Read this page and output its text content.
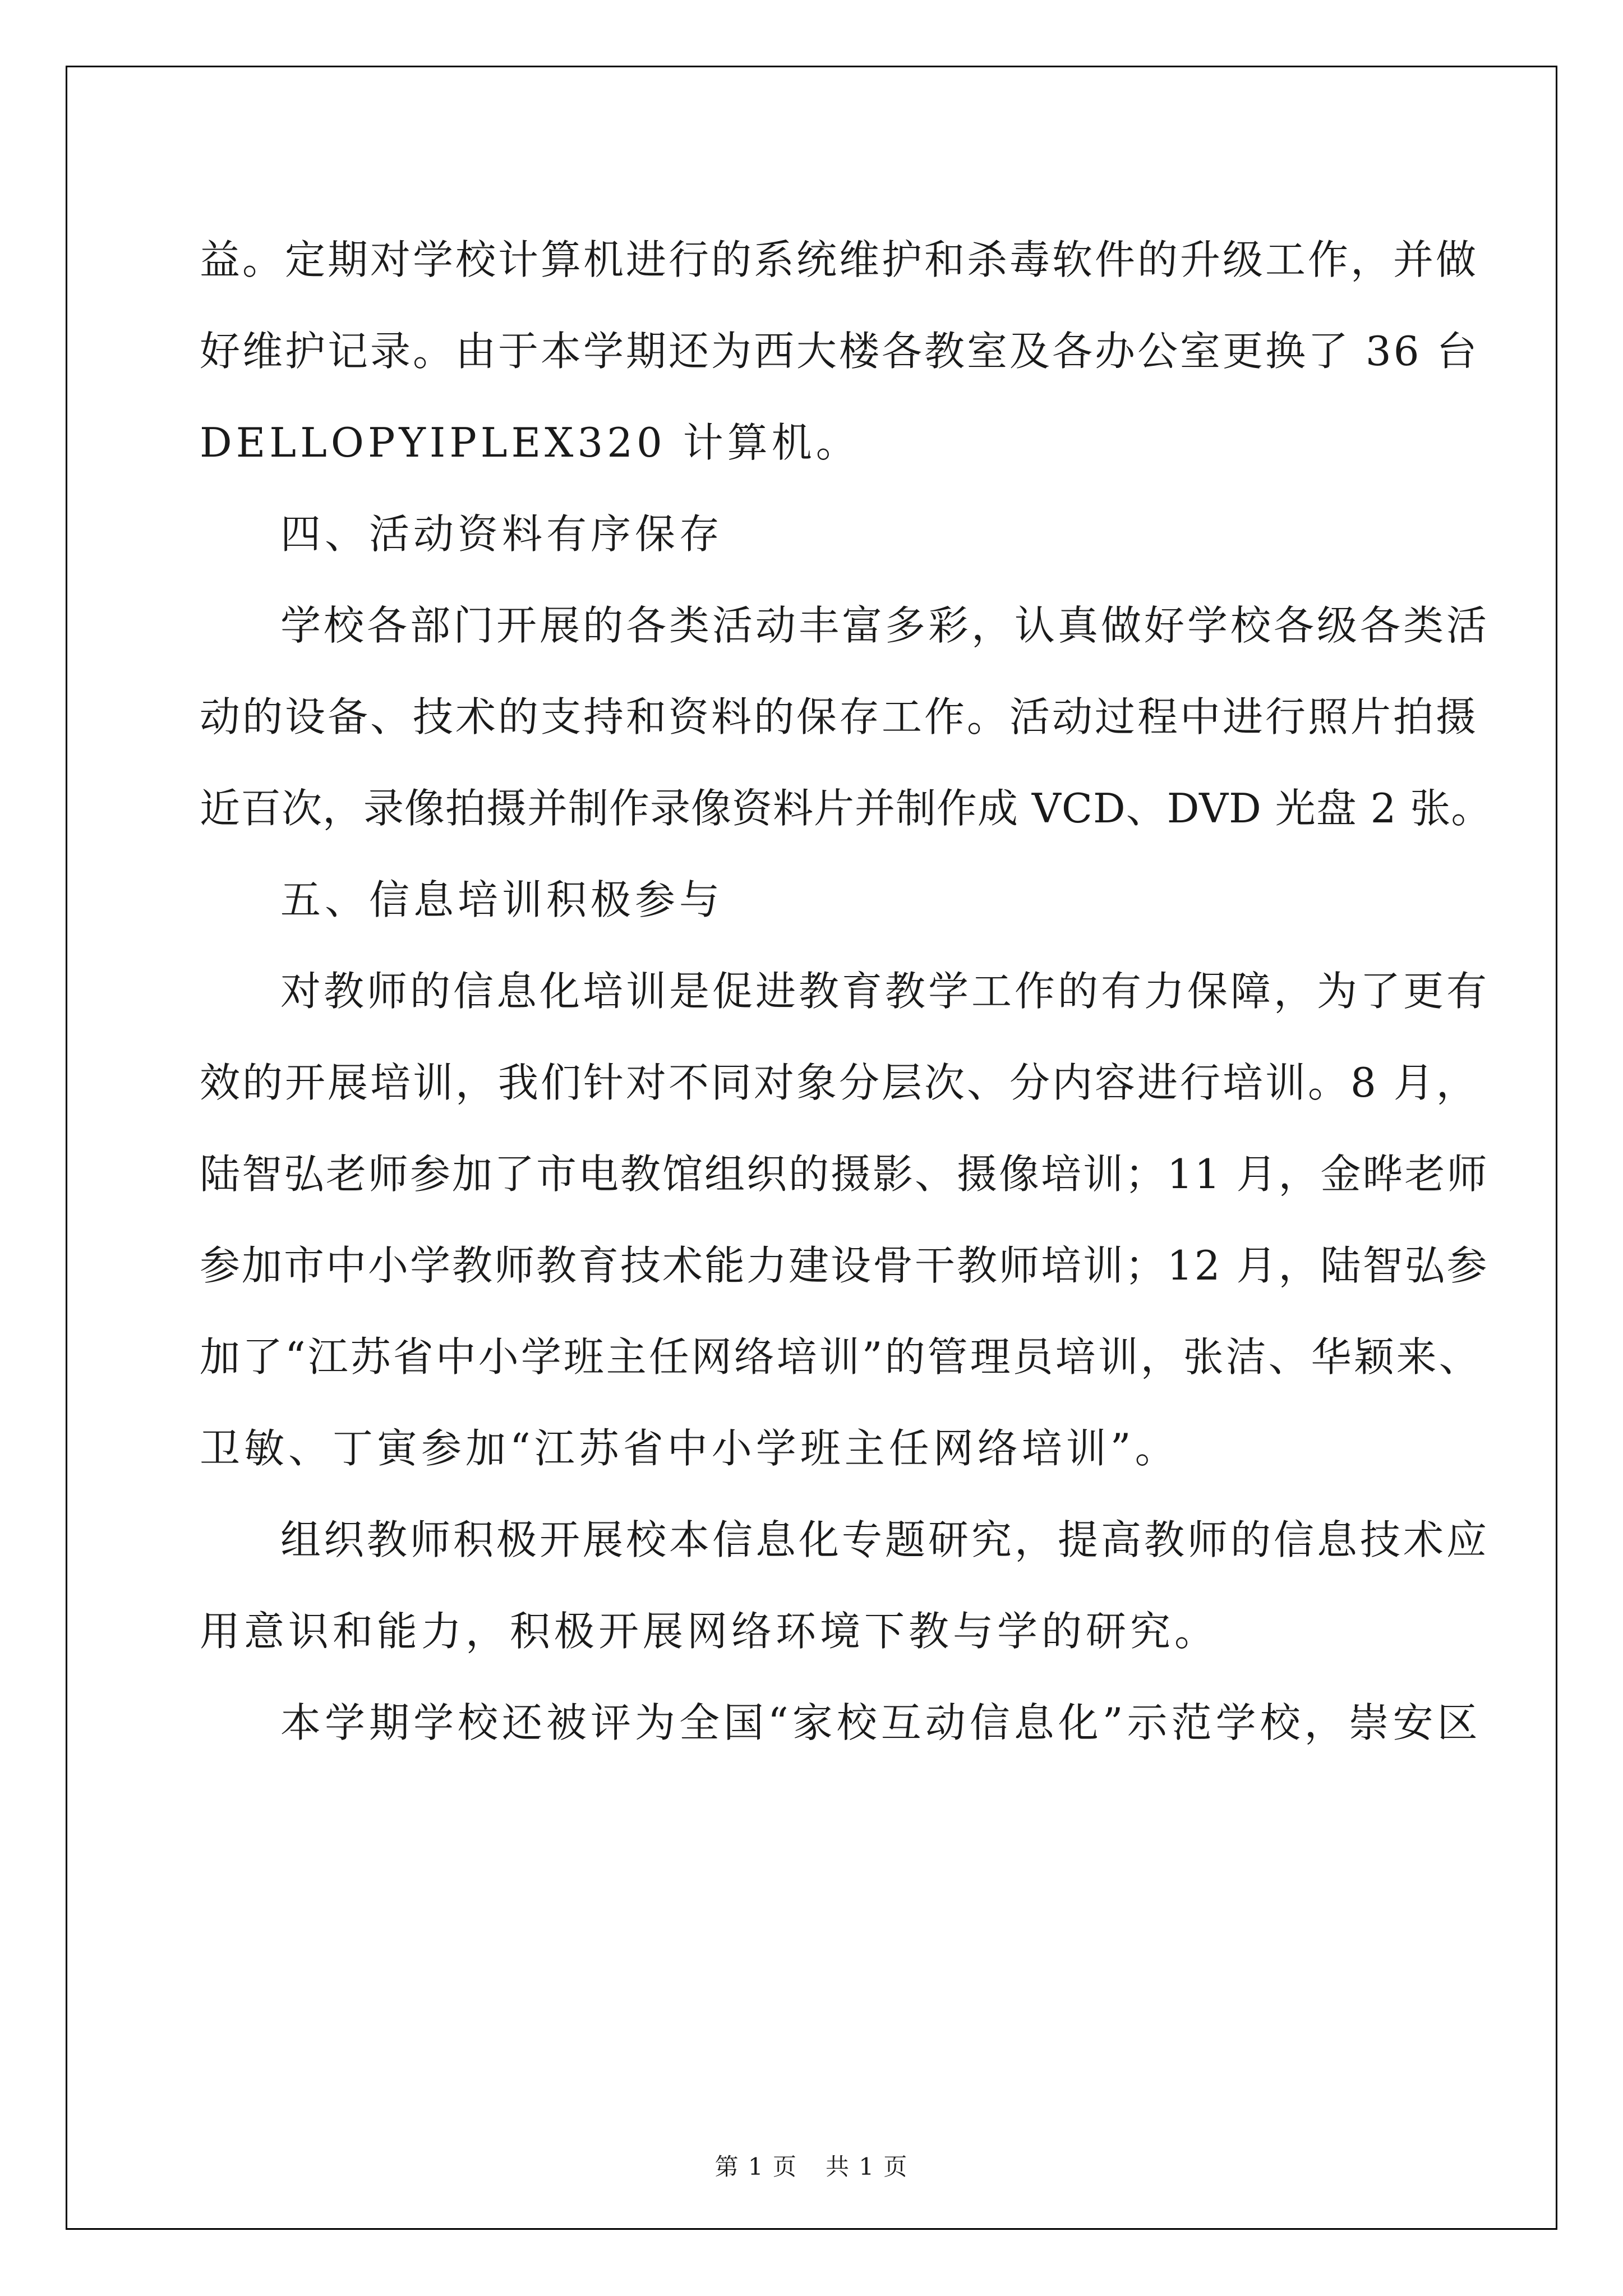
益。定期对学校计算机进行的系统维护和杀毒软件的升级工作，并做
好维护记录。由于本学期还为西大楼各教室及各办公室更换了 36 台
DELLOPYIPLEX320 计算机。
四、活动资料有序保存
学校各部门开展的各类活动丰富多彩，认真做好学校各级各类活
动的设备、技术的支持和资料的保存工作。活动过程中进行照片拍摄
近百次，录像拍摄并制作录像资料片并制作成 VCD、DVD 光盘 2 张。
五、信息培训积极参与
对教师的信息化培训是促进教育教学工作的有力保障，为了更有
效的开展培训，我们针对不同对象分层次、分内容进行培训。8 月，
陆智弘老师参加了市电教馆组织的摄影、摄像培训；11 月，金晔老师
参加市中小学教师教育技术能力建设骨干教师培训；12 月，陆智弘参
加了“江苏省中小学班主任网络培训”的管理员培训，张洁、华颖来、
卫敏、丁寅参加“江苏省中小学班主任网络培训”。
组织教师积极开展校本信息化专题研究，提高教师的信息技术应
用意识和能力，积极开展网络环境下教与学的研究。
本学期学校还被评为全国“家校互动信息化”示范学校，崇安区
第 1 页 共 1 页
